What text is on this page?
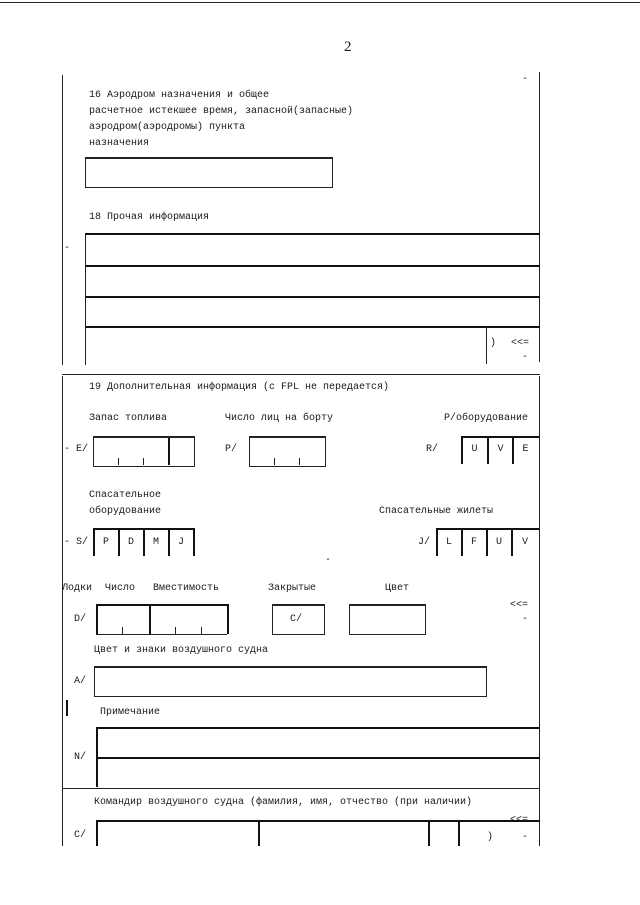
2
-
16 Аэродром назначения и общее
расчетное истекшее время, запасной(запасные)
аэродром(аэродромы) пункта
назначения
18 Прочая информация
-
) <<=
-
19 Дополнительная информация (с FPL не передается)
Запас топлива	Число лиц на борту	Р/оборудование
- E/	P/	R/	U	V	E
Спасательное
оборудование	Спасательные жилеты
- S/	P	D	M	J
.
J/	L	F	U	V
Лодки Число Вместимость	Закрытые	Цвет
<<=
-
D/	C/
Цвет и знаки воздушного судна
A/
Примечание
N/
Командир воздушного судна (фамилия, имя, отчество (при наличии)
C/	)
<<=
-
